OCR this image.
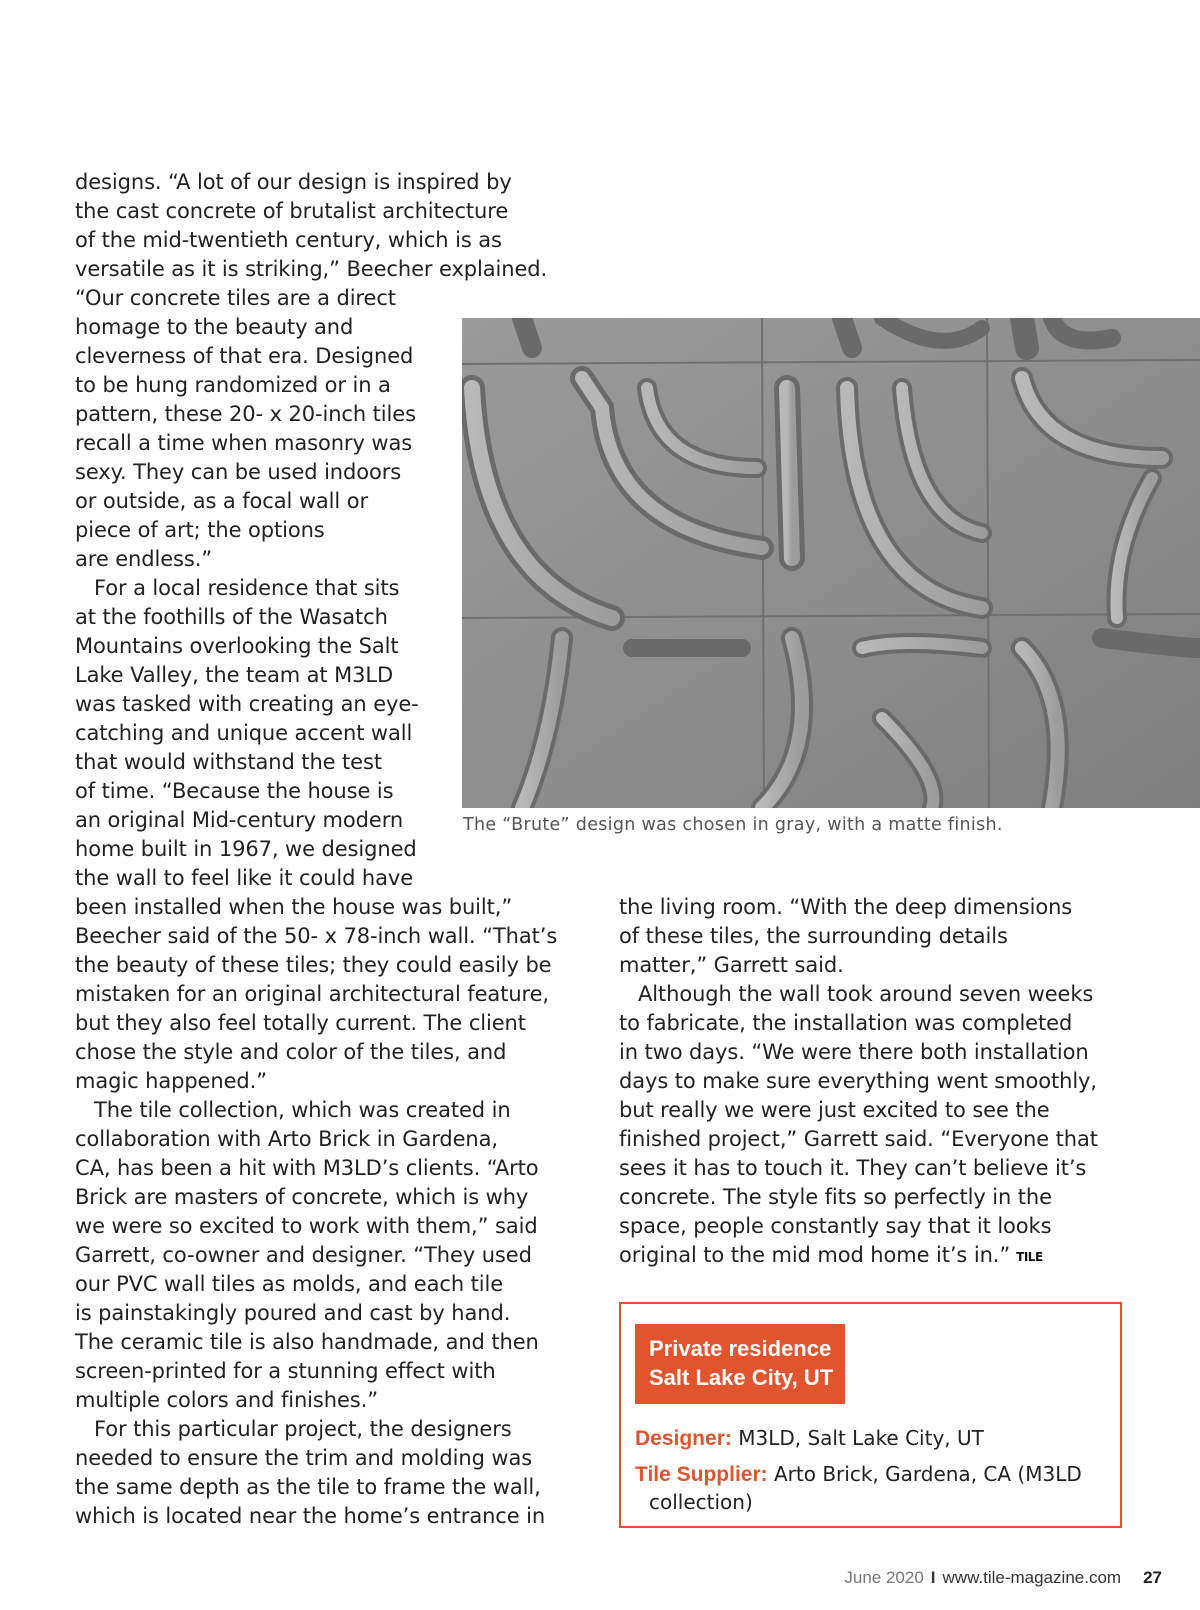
designs. “A lot of our design is inspired by
the cast concrete of brutalist architecture
of the mid-twentieth century, which is as
versatile as it is striking,” Beecher explained.
“Our concrete tiles are a direct
homage to the beauty and
cleverness of that era. Designed
to be hung randomized or in a
pattern, these 20- x 20-inch tiles
recall a time when masonry was
sexy. They can be used indoors
or outside, as a focal wall or
piece of art; the options
are endless.”
For a local residence that sits
at the foothills of the Wasatch
Mountains overlooking the Salt
Lake Valley, the team at M3LD
was tasked with creating an eye-
catching and unique accent wall
that would withstand the test
of time. “Because the house is
an original Mid-century modern
home built in 1967, we designed
the wall to feel like it could have
been installed when the house was built,”
Beecher said of the 50- x 78-inch wall. “That’s
the beauty of these tiles; they could easily be
mistaken for an original architectural feature,
but they also feel totally current. The client
chose the style and color of the tiles, and
magic happened.”
The tile collection, which was created in
collaboration with Arto Brick in Gardena,
CA, has been a hit with M3LD’s clients. “Arto
Brick are masters of concrete, which is why
we were so excited to work with them,” said
Garrett, co-owner and designer. “They used
our PVC wall tiles as molds, and each tile
is painstakingly poured and cast by hand.
The ceramic tile is also handmade, and then
screen-printed for a stunning effect with
multiple colors and finishes.”
For this particular project, the designers
needed to ensure the trim and molding was
the same depth as the tile to frame the wall,
which is located near the home’s entrance in
The “Brute” design was chosen in gray, with a matte finish.
the living room. “With the deep dimensions
of these tiles, the surrounding details
matter,” Garrett said.
Although the wall took around seven weeks
to fabricate, the installation was completed
in two days. “We were there both installation
days to make sure everything went smoothly,
but really we were just excited to see the
finished project,” Garrett said. “Everyone that
sees it has to touch it. They can’t believe it’s
concrete. The style fits so perfectly in the
space, people constantly say that it looks
original to the mid mod home it’s in.” TILE
Private residence
Salt Lake City, UT
Designer: M3LD, Salt Lake City, UT
Tile Supplier: Arto Brick, Gardena, CA (M3LD
collection)
June 2020 I www.tile-magazine.com 27
